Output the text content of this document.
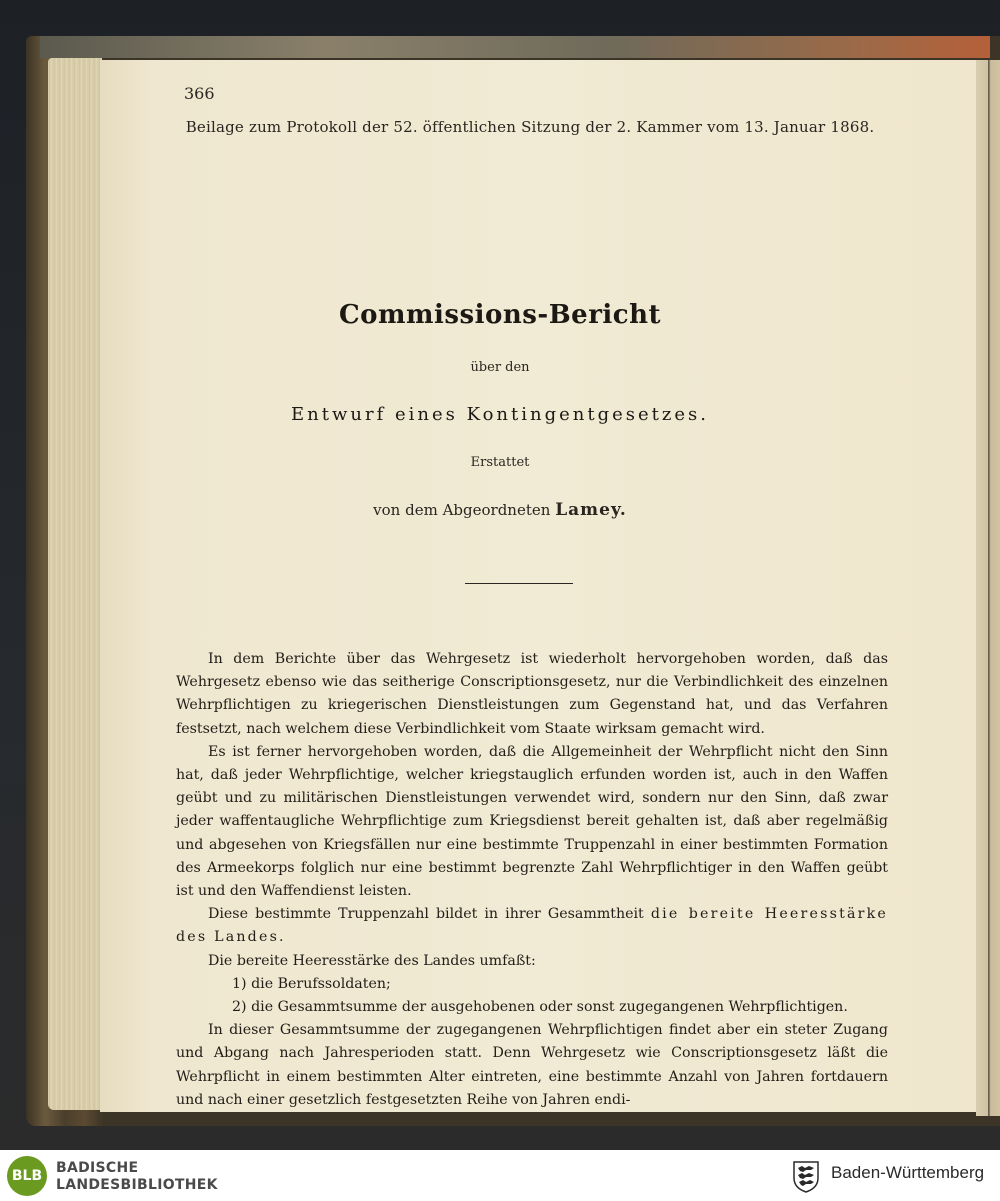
366
Beilage zum Protokoll der 52. öffentlichen Sitzung der 2. Kammer vom 13. Januar 1868.
Commissions-Bericht
über den
Entwurf eines Kontingentgesetzes.
Erstattet
von dem Abgeordneten Lamey.

In dem Berichte über das Wehrgesetz ist wiederholt hervorgehoben worden, daß das Wehrgesetz ebenso wie das seitherige Conscriptionsgesetz, nur die Verbindlichkeit des einzelnen Wehrpflichtigen zu kriegerischen Dienstleistungen zum Gegenstand hat, und das Verfahren festsetzt, nach welchem diese Verbindlichkeit vom Staate wirksam gemacht wird.

Es ist ferner hervorgehoben worden, daß die Allgemeinheit der Wehrpflicht nicht den Sinn hat, daß jeder Wehrpflichtige, welcher kriegstauglich erfunden worden ist, auch in den Waffen geübt und zu militärischen Dienstleistungen verwendet wird, sondern nur den Sinn, daß zwar jeder waffentaugliche Wehrpflichtige zum Kriegsdienst bereit gehalten ist, daß aber regelmäßig und abgesehen von Kriegsfällen nur eine bestimmte Truppenzahl in einer bestimmten Formation des Armeekorps folglich nur eine bestimmt begrenzte Zahl Wehrpflichtiger in den Waffen geübt ist und den Waffendienst leisten.

Diese bestimmte Truppenzahl bildet in ihrer Gesammtheit die bereite Heeresstärke des Landes.

Die bereite Heeresstärke des Landes umfaßt:

1) die Berufssoldaten;

2) die Gesammtsumme der ausgehobenen oder sonst zugegangenen Wehrpflichtigen.

In dieser Gesammtsumme der zugegangenen Wehrpflichtigen findet aber ein steter Zugang und Abgang nach Jahresperioden statt. Denn Wehrgesetz wie Conscriptionsgesetz läßt die Wehrpflicht in einem bestimmten Alter eintreten, eine bestimmte Anzahl von Jahren fortdauern und nach einer gesetzlich festgesetzten Reihe von Jahren endi-

BLB BADISCHE
LANDESBIBLIOTHEK
Baden-Württemberg
